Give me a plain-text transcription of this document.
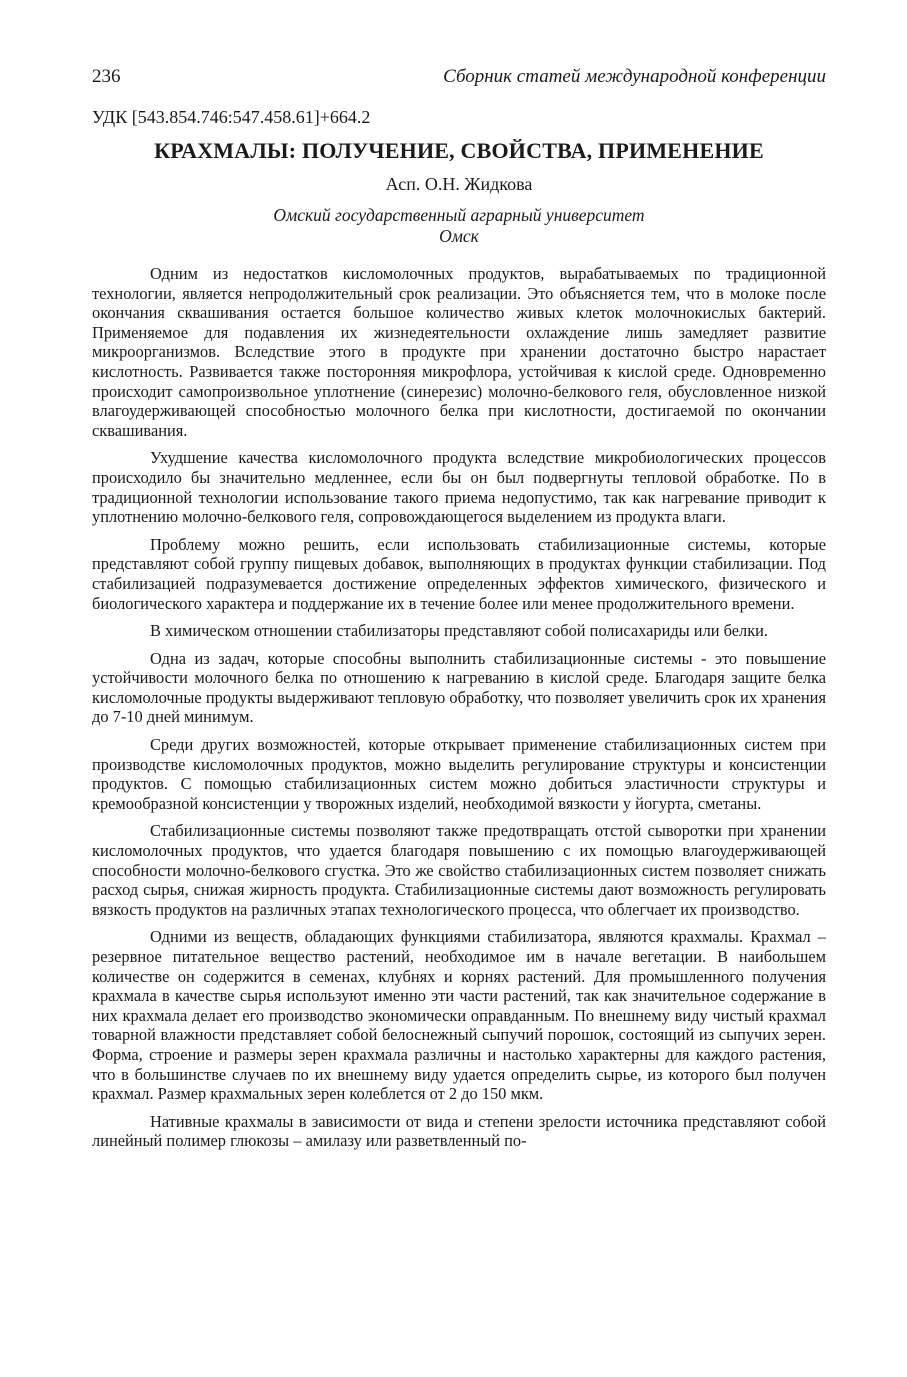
236	Сборник статей международной конференции
УДК [543.854.746:547.458.61]+664.2
КРАХМАЛЫ: ПОЛУЧЕНИЕ, СВОЙСТВА, ПРИМЕНЕНИЕ
Асп. О.Н. Жидкова
Омский государственный аграрный университет
Омск

Одним из недостатков кисломолочных продуктов, вырабатываемых по традиционной технологии, является непродолжительный срок реализации. Это объясняется тем, что в молоке после окончания сквашивания остается большое количество живых клеток молочнокислых бактерий. Применяемое для подавления их жизнедеятельности охлаждение лишь замедляет развитие микроорганизмов. Вследствие этого в продукте при хранении достаточно быстро нарастает кислотность. Развивается также посторонняя микрофлора, устойчивая к кислой среде. Одновременно происходит самопроизвольное уплотнение (синерезис) молочно-белкового геля, обусловленное низкой влагоудерживающей способностью молочного белка при кислотности, достигаемой по окончании сквашивания.

Ухудшение качества кисломолочного продукта вследствие микробиологических процессов происходило бы значительно медленнее, если бы он был подвергнуты тепловой обработке. По в традиционной технологии использование такого приема недопустимо, так как нагревание приводит к уплотнению молочно-белкового геля, сопровождающегося выделением из продукта влаги.

Проблему можно решить, если использовать стабилизационные системы, которые представляют собой группу пищевых добавок, выполняющих в продуктах функции стабилизации. Под стабилизацией подразумевается достижение определенных эффектов химического, физического и биологического характера и поддержание их в течение более или менее продолжительного времени.

В химическом отношении стабилизаторы представляют собой полисахариды или белки.

Одна из задач, которые способны выполнить стабилизационные системы - это повышение устойчивости молочного белка по отношению к нагреванию в кислой среде. Благодаря защите белка кисломолочные продукты выдерживают тепловую обработку, что позволяет увеличить срок их хранения до 7-10 дней минимум.

Среди других возможностей, которые открывает применение стабилизационных систем при производстве кисломолочных продуктов, можно выделить регулирование структуры и консистенции продуктов. С помощью стабилизационных систем можно добиться эластичности структуры и кремообразной консистенции у творожных изделий, необходимой вязкости у йогурта, сметаны.

Стабилизационные системы позволяют также предотвращать отстой сыворотки при хранении кисломолочных продуктов, что удается благодаря повышению с их помощью влагоудерживающей способности молочно-белкового сгустка. Это же свойство стабилизационных систем позволяет снижать расход сырья, снижая жирность продукта. Стабилизационные системы дают возможность регулировать вязкость продуктов на различных этапах технологического процесса, что облегчает их производство.

Одними из веществ, обладающих функциями стабилизатора, являются крахмалы. Крахмал – резервное питательное вещество растений, необходимое им в начале вегетации. В наибольшем количестве он содержится в семенах, клубнях и корнях растений. Для промышленного получения крахмала в качестве сырья используют именно эти части растений, так как значительное содержание в них крахмала делает его производство экономически оправданным. По внешнему виду чистый крахмал товарной влажности представляет собой белоснежный сыпучий порошок, состоящий из сыпучих зерен. Форма, строение и размеры зерен крахмала различны и настолько характерны для каждого растения, что в большинстве случаев по их внешнему виду удается определить сырье, из которого был получен крахмал. Размер крахмальных зерен колеблется от 2 до 150 мкм.

Нативные крахмалы в зависимости от вида и степени зрелости источника представляют собой линейный полимер глюкозы – амилазу или разветвленный по-
